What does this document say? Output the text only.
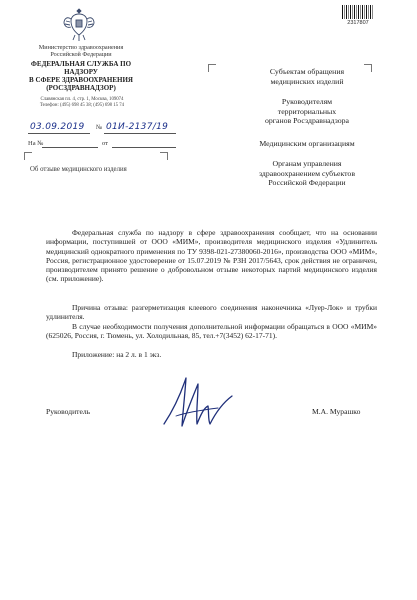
Министерство здравоохранения
Российской Федерации
ФЕДЕРАЛЬНАЯ СЛУЖБА ПО НАДЗОРУ
В СФЕРЕ ЗДРАВООХРАНЕНИЯ
(РОСЗДРАВНАДЗОР)
Славянская пл. 4, стр. 1, Москва, 109074
Телефон: (495) 698 45 38; (495) 698 15 74
03.09.2019 № 01И-2137/19
На №	от
Об отзыве медицинского изделия
2317807
Субъектам обращения
медицинских изделий
Руководителям
территориальных
органов Росздравнадзора
Медицинским организациям
Органам управления
здравоохранением субъектов
Российской Федерации
Федеральная служба по надзору в сфере здравоохранения сообщает, что на основании информации, поступившей от ООО «МИМ», производителя медицинского изделия «Удлинитель медицинский однократного применения по ТУ 9398-021-27380060-2016», производства ООО «МИМ», Россия, регистрационное удостоверение от 15.07.2019 № РЗН 2017/5643, срок действия не ограничен, производителем принято решение о добровольном отзыве некоторых партий медицинского изделия (см. приложение).
Причина отзыва: разгерметизация клеевого соединения наконечника «Луер-Лок» и трубки удлинителя.
В случае необходимости получения дополнительной информации обращаться в ООО «МИМ» (625026, Россия, г. Тюмень, ул. Холодильная, 85, тел.+7(3452) 62-17-71).
Приложение: на 2 л. в 1 экз.
Руководитель	М.А. Мурашко
